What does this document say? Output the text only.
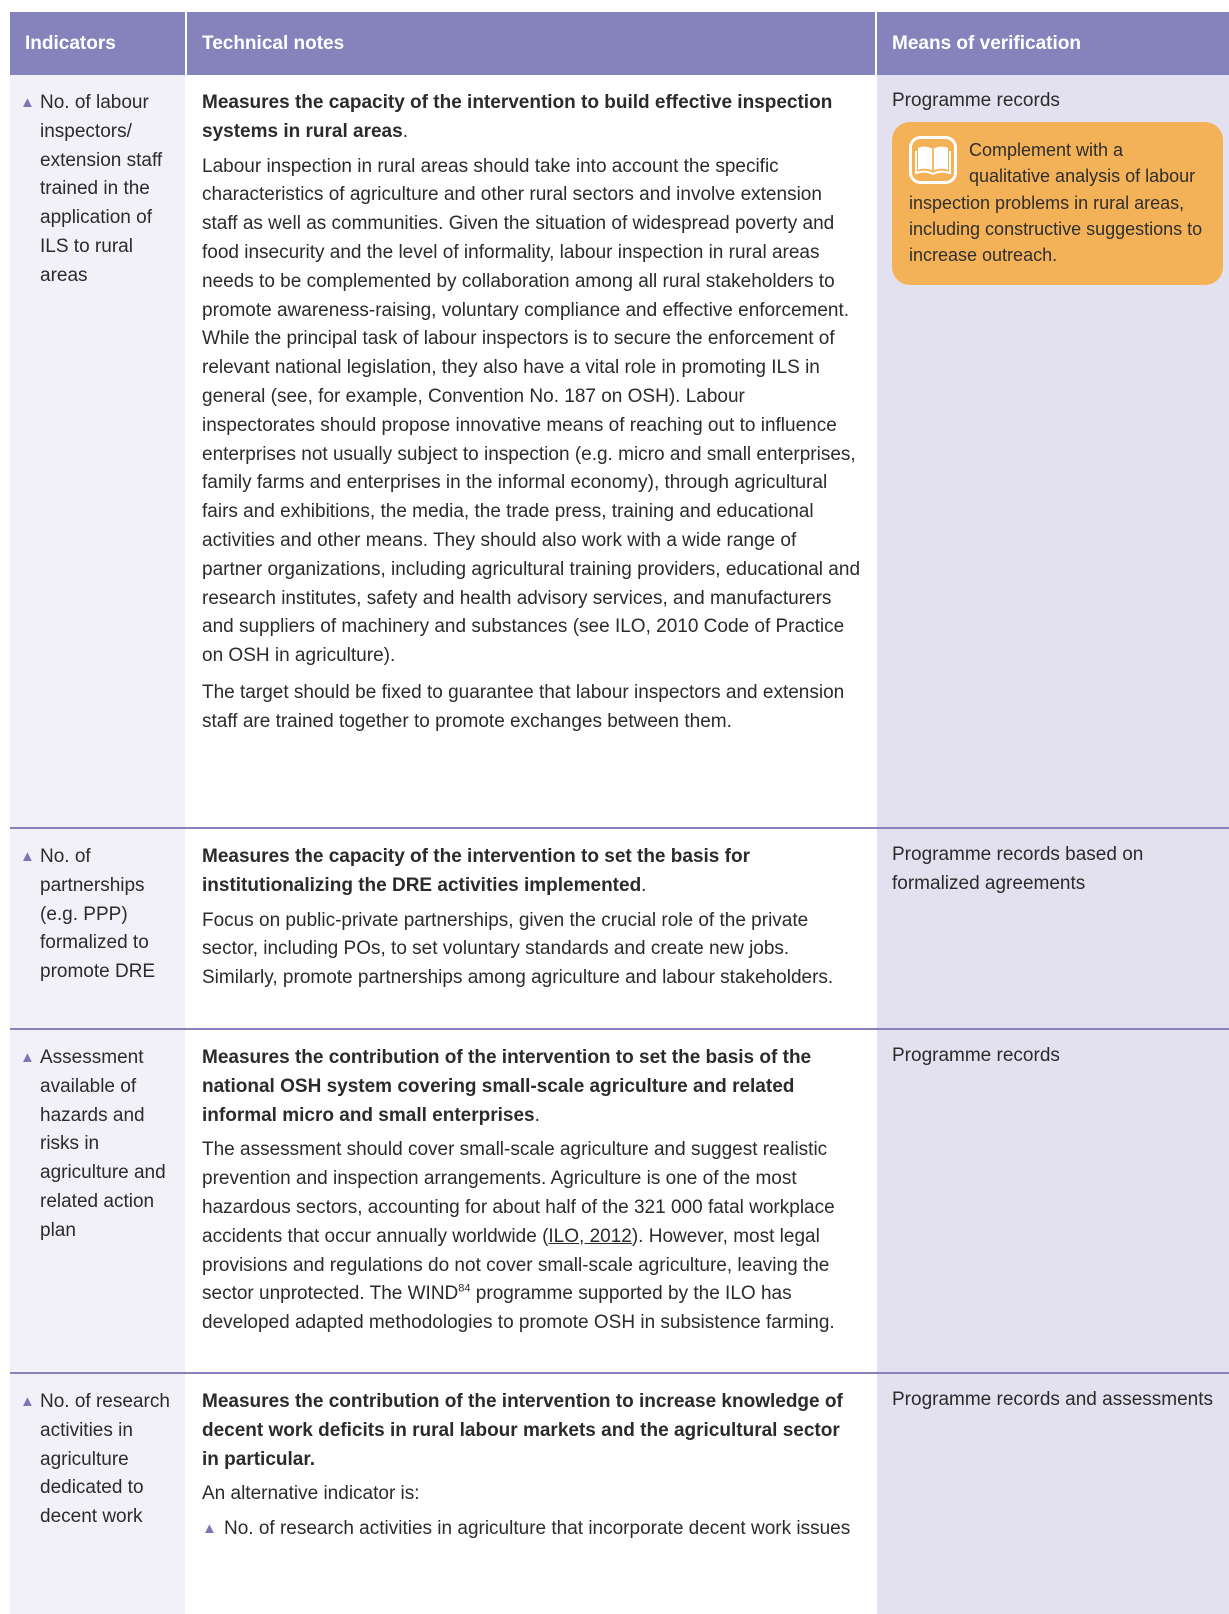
Indicators	Technical notes	Means of verification
▲ No. of labour inspectors/ extension staff trained in the application of ILS to rural areas
Measures the capacity of the intervention to build effective inspection systems in rural areas.
Labour inspection in rural areas should take into account the specific characteristics of agriculture and other rural sectors and involve extension staff as well as communities. Given the situation of widespread poverty and food insecurity and the level of informality, labour inspection in rural areas needs to be complemented by collaboration among all rural stakeholders to promote awareness-raising, voluntary compliance and effective enforcement. While the principal task of labour inspectors is to secure the enforcement of relevant national legislation, they also have a vital role in promoting ILS in general (see, for example, Convention No. 187 on OSH). Labour inspectorates should propose innovative means of reaching out to influence enterprises not usually subject to inspection (e.g. micro and small enterprises, family farms and enterprises in the informal economy), through agricultural fairs and exhibitions, the media, the trade press, training and educational activities and other means. They should also work with a wide range of partner organizations, including agricultural training providers, educational and research institutes, safety and health advisory services, and manufacturers and suppliers of machinery and substances (see ILO, 2010 Code of Practice on OSH in agriculture).
The target should be fixed to guarantee that labour inspectors and extension staff are trained together to promote exchanges between them.
Programme records
Complement with a qualitative analysis of labour inspection problems in rural areas, including constructive suggestions to increase outreach.
▲ No. of partnerships (e.g. PPP) formalized to promote DRE
Measures the capacity of the intervention to set the basis for institutionalizing the DRE activities implemented.
Focus on public-private partnerships, given the crucial role of the private sector, including POs, to set voluntary standards and create new jobs. Similarly, promote partnerships among agriculture and labour stakeholders.
Programme records based on formalized agreements
▲ Assessment available of hazards and risks in agriculture and related action plan
Measures the contribution of the intervention to set the basis of the national OSH system covering small-scale agriculture and related informal micro and small enterprises.
The assessment should cover small-scale agriculture and suggest realistic prevention and inspection arrangements. Agriculture is one of the most hazardous sectors, accounting for about half of the 321 000 fatal workplace accidents that occur annually worldwide (ILO, 2012). However, most legal provisions and regulations do not cover small-scale agriculture, leaving the sector unprotected. The WIND$^{84}$ programme supported by the ILO has developed adapted methodologies to promote OSH in subsistence farming.
Programme records
▲ No. of research activities in agriculture dedicated to decent work
Measures the contribution of the intervention to increase knowledge of decent work deficits in rural labour markets and the agricultural sector in particular.
An alternative indicator is:
▲ No. of research activities in agriculture that incorporate decent work issues
Programme records and assessments
